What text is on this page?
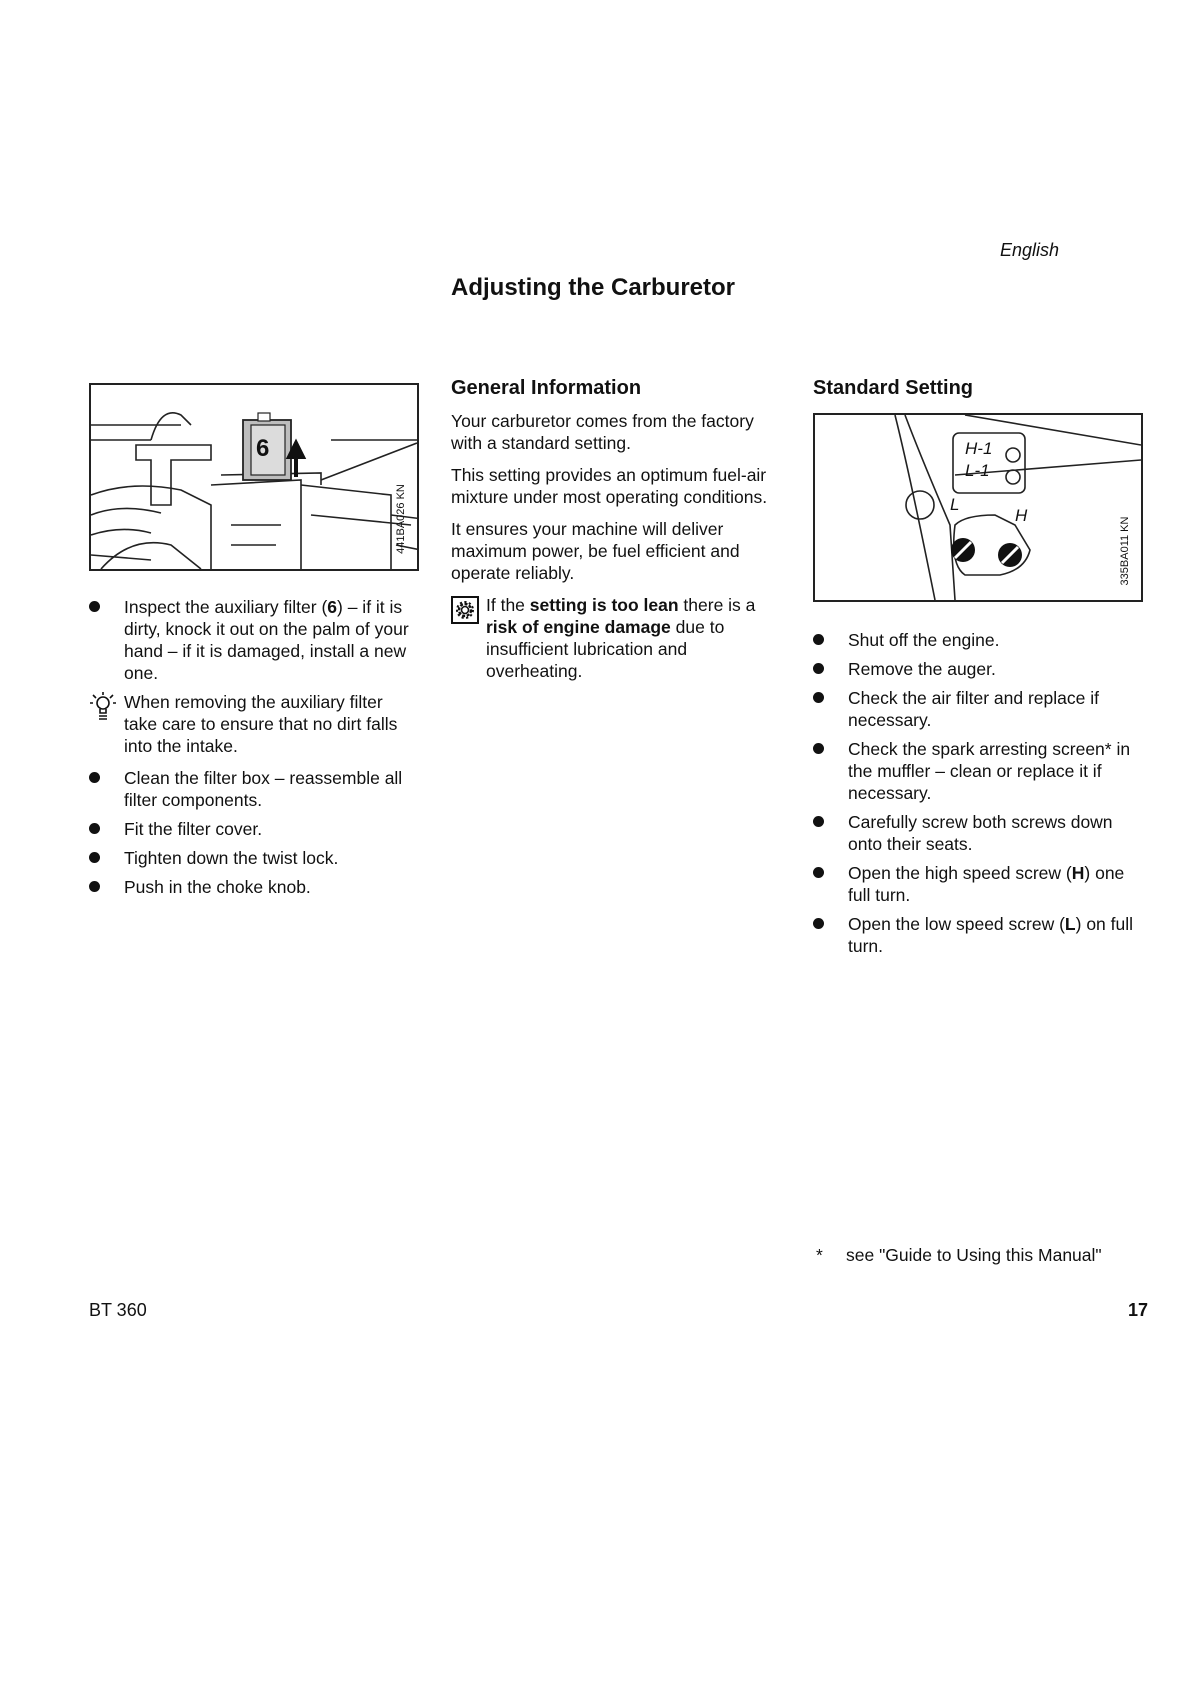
English
Adjusting the Carburetor
6
441BA026 KN
Inspect the auxiliary filter (6) – if it is dirty, knock it out on the palm of your hand – if it is damaged, install a new one.
When removing the auxiliary filter take care to ensure that no dirt falls into the intake.
Clean the filter box – reassemble all filter components.
Fit the filter cover.
Tighten down the twist lock.
Push in the choke knob.
General Information

Your carburetor comes from the factory with a standard setting.

This setting provides an optimum fuel-air mixture under most operating conditions.

It ensures your machine will deliver maximum power, be fuel efficient and operate reliably.

If the setting is too lean there is a risk of engine damage due to insufficient lubrication and overheating.
Standard Setting
H-1
L-1
L
H
335BA011 KN
Shut off the engine.
Remove the auger.
Check the air filter and replace if necessary.
Check the spark arresting screen* in the muffler – clean or replace it if necessary.
Carefully screw both screws down onto their seats.
Open the high speed screw (H) one full turn.
Open the low speed screw (L) on full turn.
* see "Guide to Using this Manual"
BT 360	17
